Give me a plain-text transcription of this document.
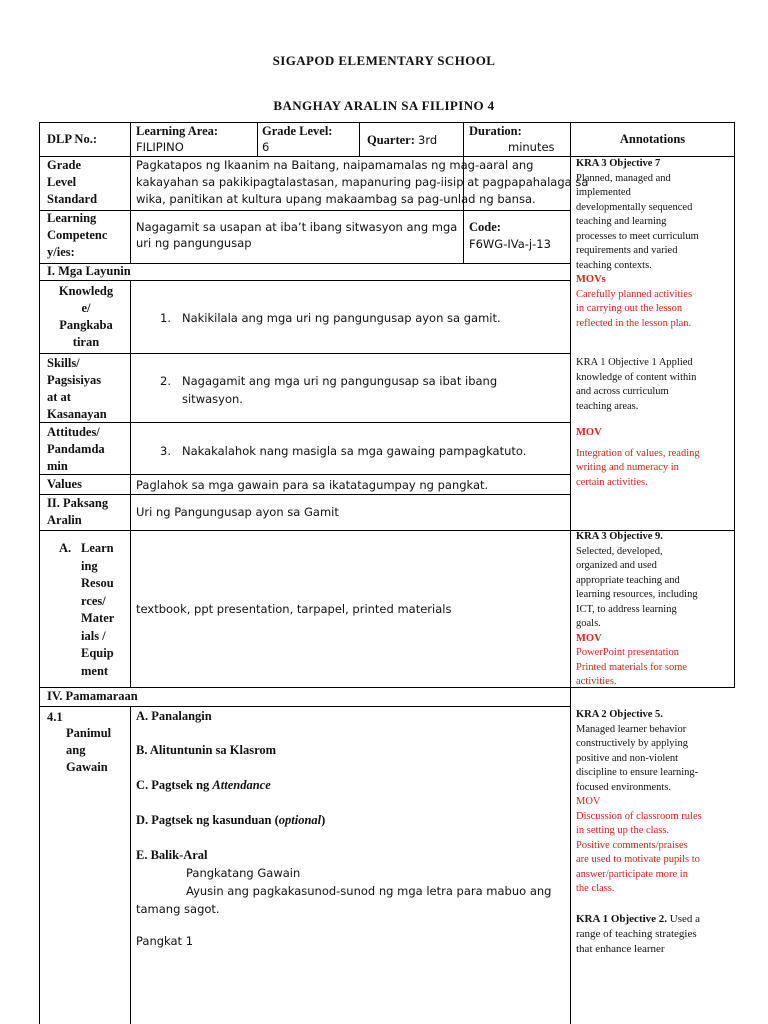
SIGAPOD ELEMENTARY SCHOOL
BANGHAY ARALIN SA FILIPINO 4
DLP No.:
Learning Area:
FILIPINO
Grade Level:
6	Quarter: 3rd
Duration:
minutes
Annotations
Grade
Level
Standard
Pagkatapos ng Ikaanim na Baitang, naipamamalas ng mag-aaral ang
kakayahan sa pakikipagtalastasan, mapanuring pag-iisip at pagpapahalaga sa
wika, panitikan at kultura upang makaambag sa pag-unlad ng bansa.
Learning
Competenc
y/ies:
Nagagamit sa usapan at iba’t ibang sitwasyon ang mga
uri ng pangungusap
Code:
F6WG-IVa-j-13
I. Mga Layunin
Knowledg
e/
Pangkaba
tiran
1. Nakikilala ang mga uri ng pangungusap ayon sa gamit.
Skills/
Pagsisiyas
at at
Kasanayan
2. Nagagamit ang mga uri ng pangungusap sa ibat ibang
sitwasyon.
Attitudes/
Pandamda
min
3. Nakakalahok nang masigla sa mga gawaing pampagkatuto.
Values	Paglahok sa mga gawain para sa ikatatagumpay ng pangkat.
II. Paksang
Aralin
Uri ng Pangungusap ayon sa Gamit
A. Learn
ing
Resou
rces/
Mater
ials /
Equip
ment
textbook, ppt presentation, tarpapel, printed materials
IV. Pamamaraan
4.1
Panimul
ang
Gawain
A. Panalangin
B. Alituntunin sa Klasrom
C. Pagtsek ng Attendance
D. Pagtsek ng kasunduan (optional)
E. Balik-Aral
Pangkatang Gawain
Ayusin ang pagkakasunod-sunod ng mga letra para mabuo ang
tamang sagot.
Pangkat 1
KRA 3 Objective 7
Planned, managed and
implemented
developmentally sequenced
teaching and learning
processes to meet curriculum
requirements and varied
teaching contexts.
MOVs
Carefully planned activities
in carrying out the lesson
reflected in the lesson plan.
KRA 1 Objective 1 Applied
knowledge of content within
and across curriculum
teaching areas.
MOV
Integration of values, reading
writing and numeracy in
certain activities.
KRA 3 Objective 9.
Selected, developed,
organized and used
appropriate teaching and
learning resources, including
ICT, to address learning
goals.
MOV
PowerPoint presentation
Printed materials for some
activities.
KRA 2 Objective 5.
Managed learner behavior
constructively by applying
positive and non-violent
discipline to ensure learning-
focused environments.
MOV
Discussion of classroom rules
in setting up the class.
Positive comments/praises
are used to motivate pupils to
answer/participate more in
the class.
KRA 1 Objective 2. Used a
range of teaching strategies
that enhance learner
